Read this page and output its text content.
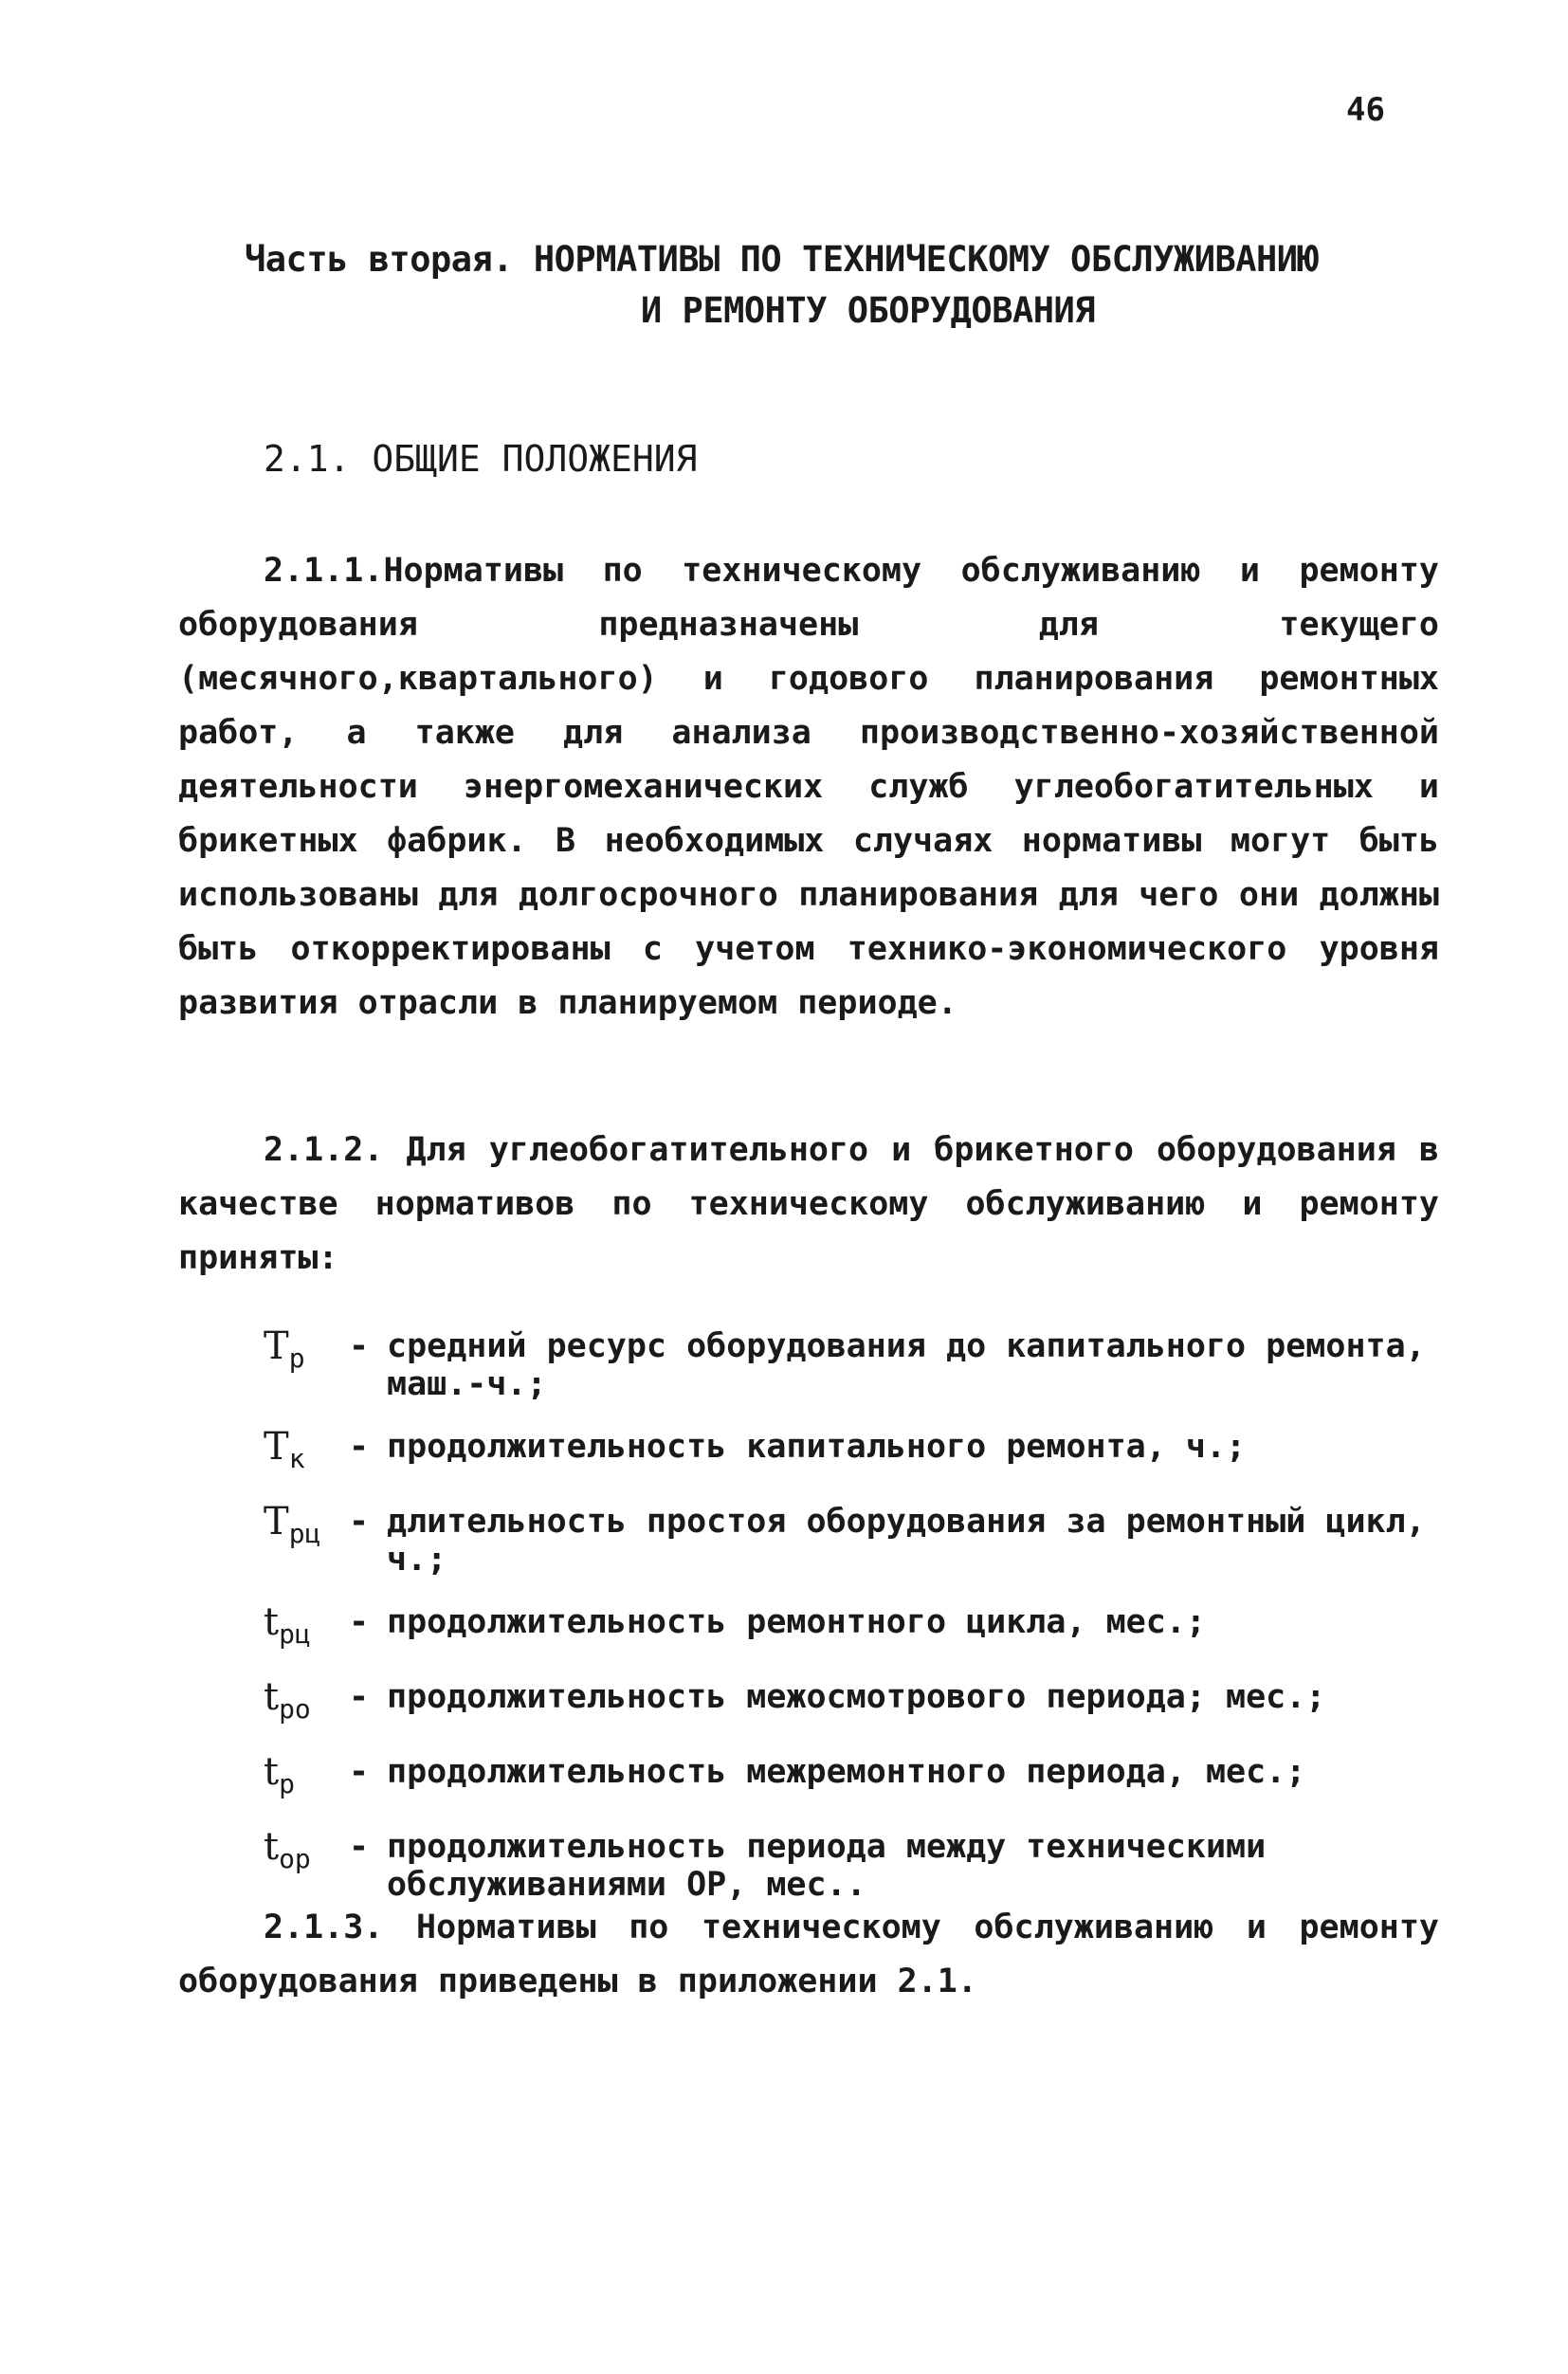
46
Часть вторая. НОРМАТИВЫ ПО ТЕХНИЧЕСКОМУ ОБСЛУЖИВАНИЮ
И РЕМОНТУ ОБОРУДОВАНИЯ
2.1. ОБЩИЕ ПОЛОЖЕНИЯ
2.1.1.Нормативы по техническому обслуживанию и ремонту оборудования предназначены для текущего (месячного,квартального) и годового планирования ремонтных работ, а также для анализа производственно-хозяйственной деятельности энергомеханических служб углеобогатительных и брикетных фабрик. В необходимых случаях нормативы могут быть использованы для долгосрочного планирования для чего они должны быть откорректированы с учетом технико-экономического уровня развития отрасли в планируемом периоде.
2.1.2. Для углеобогатительного и брикетного оборудования в качестве нормативов по техническому обслуживанию и ремонту приняты:
$T_р$	- средний ресурс оборудования до капитального ремонта, маш.-ч.;
$T_к$	- продолжительность капитального ремонта, ч.;
$T_{рц}$ - длительность простоя оборудования за ремонтный цикл, ч.;
$t_{рц}$	- продолжительность ремонтного цикла, мес.;
$t_{ро}$	- продолжительность межосмотрового периода; мес.;
$t_р$	- продолжительность межремонтного периода, мес.;
$t_{ор}$	- продолжительность периода между техническими обслуживаниями ОР, мес..
2.1.3. Нормативы по техническому обслуживанию и ремонту оборудования приведены в приложении 2.1.
